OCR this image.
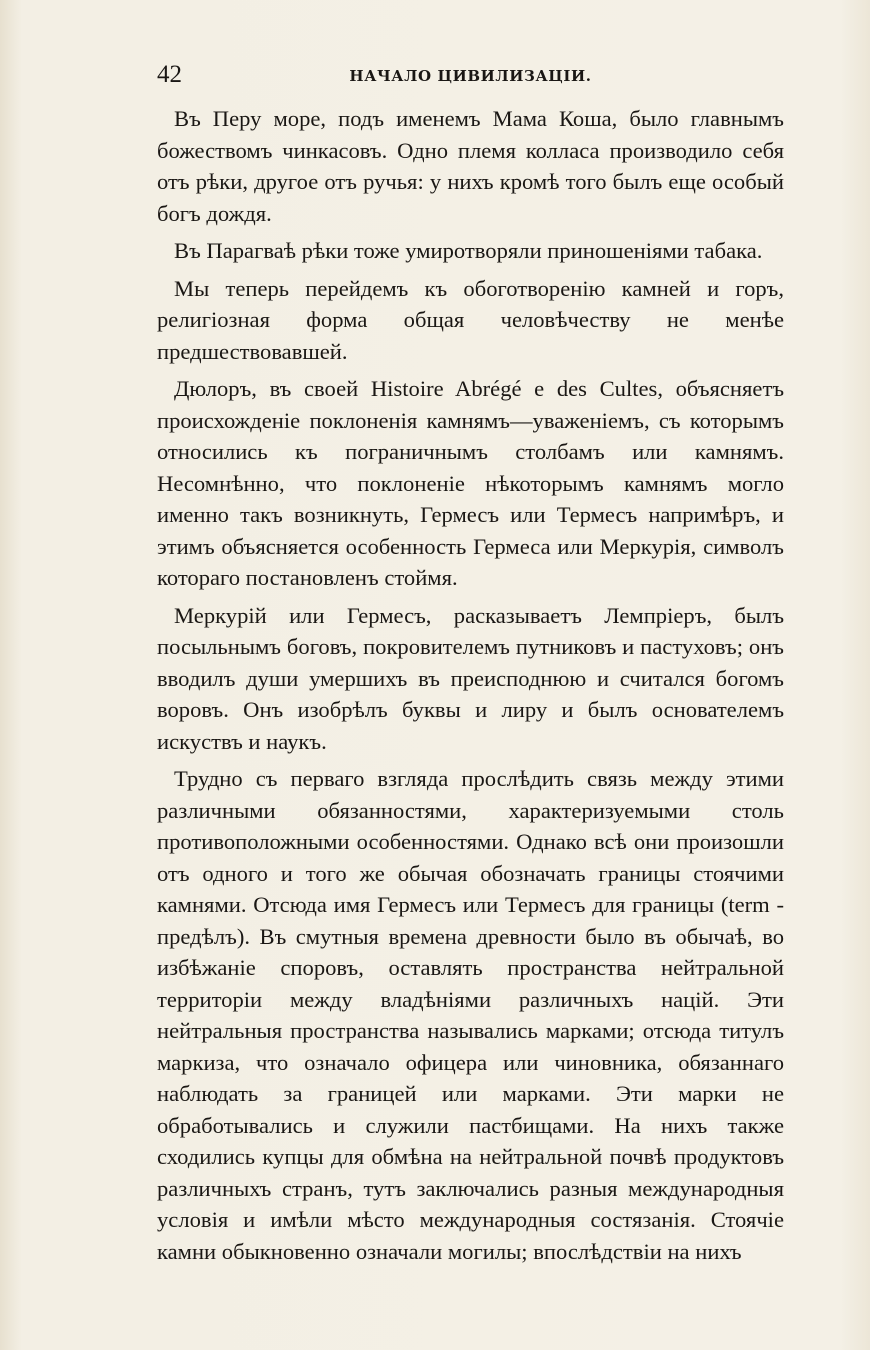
42	НАЧАЛО ЦИВИЛИЗАЦІИ.

Въ Перу море, подъ именемъ Мама Коша, было главнымъ божествомъ чинкасовъ. Одно племя колласа производило себя отъ рѣки, другое отъ ручья: у нихъ кромѣ того былъ еще особый богъ дождя.

Въ Парагваѣ рѣки тоже умиротворяли приношеніями табака.

Мы теперь перейдемъ къ обоготворенію камней и горъ, религіозная форма общая человѣчеству не менѣе предшествовавшей.

Дюлоръ, въ своей Histoire Abrégé e des Cultes, объясняетъ происхожденіе поклоненія камнямъ—уваженіемъ, съ которымъ относились къ пограничнымъ столбамъ или камнямъ. Несомнѣнно, что поклоненіе нѣкоторымъ камнямъ могло именно такъ возникнуть, Гермесъ или Термесъ напримѣръ, и этимъ объясняется особенность Гермеса или Меркурія, символъ котораго постановленъ стоймя.

Меркурій или Гермесъ, расказываетъ Лемпріеръ, былъ посыльнымъ боговъ, покровителемъ путниковъ и пастуховъ; онъ вводилъ души умершихъ въ преисподнюю и считался богомъ воровъ. Онъ изобрѣлъ буквы и лиру и былъ основателемъ искуствъ и наукъ.

Трудно съ перваго взгляда прослѣдить связь между этими различными обязанностями, характеризуемыми столь противоположными особенностями. Однако всѣ они произошли отъ одного и того же обычая обозначать границы стоячими камнями. Отсюда имя Гермесъ или Термесъ для границы (term - предѣлъ). Въ смутныя времена древности было въ обычаѣ, во избѣжаніе споровъ, оставлять пространства нейтральной территоріи между владѣніями различныхъ націй. Эти нейтральныя пространства назывались марками; отсюда титулъ маркиза, что означало офицера или чиновника, обязаннаго наблюдать за границей или марками. Эти марки не обработывались и служили пастбищами. На нихъ также сходились купцы для обмѣна на нейтральной почвѣ продуктовъ различныхъ странъ, тутъ заключались разныя международныя условія и имѣли мѣсто международныя состязанія. Стоячіе камни обыкновенно означали могилы; впослѣдствіи на нихъ
